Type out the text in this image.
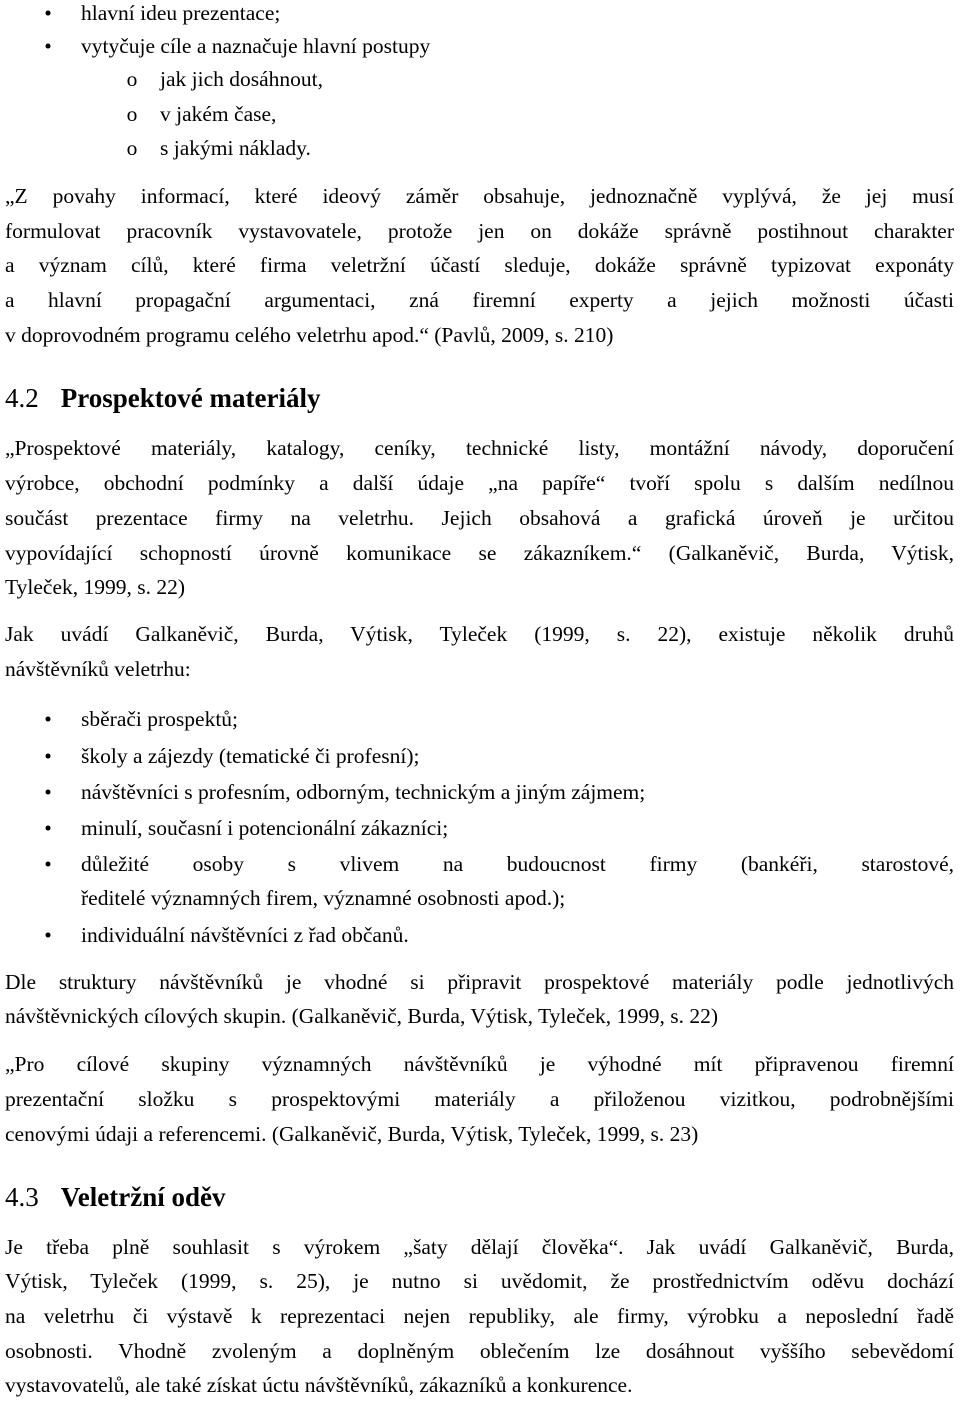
• hlavní ideu prezentace;
• vytyčuje cíle a naznačuje hlavní postupy
o jak jich dosáhnout,
o v jakém čase,
o s jakými náklady.
„Z povahy informací, které ideový záměr obsahuje, jednoznačně vyplývá, že jej musí
formulovat pracovník vystavovatele, protože jen on dokáže správně postihnout charakter
a význam cílů, které firma veletržní účastí sleduje, dokáže správně typizovat exponáty
a hlavní propagační argumentaci, zná firemní experty a jejich možnosti účasti
v doprovodném programu celého veletrhu apod.“ (Pavlů, 2009, s. 210)
4.2 Prospektové materiály
„Prospektové materiály, katalogy, ceníky, technické listy, montážní návody, doporučení
výrobce, obchodní podmínky a další údaje „na papíře“ tvoří spolu s dalším nedílnou
součást prezentace firmy na veletrhu. Jejich obsahová a grafická úroveň je určitou
vypovídající schopností úrovně komunikace se zákazníkem.“ (Galkaněvič, Burda, Výtisk,
Tyleček, 1999, s. 22)
Jak uvádí Galkaněvič, Burda, Výtisk, Tyleček (1999, s. 22), existuje několik druhů
návštěvníků veletrhu:
• sběrači prospektů;
• školy a zájezdy (tematické či profesní);
• návštěvníci s profesním, odborným, technickým a jiným zájmem;
• minulí, současní i potencionální zákazníci;
• důležité osoby s vlivem na budoucnost firmy (bankéři, starostové,
ředitelé významných firem, významné osobnosti apod.);
• individuální návštěvníci z řad občanů.
Dle struktury návštěvníků je vhodné si připravit prospektové materiály podle jednotlivých
návštěvnických cílových skupin. (Galkaněvič, Burda, Výtisk, Tyleček, 1999, s. 22)
„Pro cílové skupiny významných návštěvníků je výhodné mít připravenou firemní
prezentační složku s prospektovými materiály a přiloženou vizitkou, podrobnějšími
cenovými údaji a referencemi. (Galkaněvič, Burda, Výtisk, Tyleček, 1999, s. 23)
4.3 Veletržní oděv
Je třeba plně souhlasit s výrokem „šaty dělají člověka“. Jak uvádí Galkaněvič, Burda,
Výtisk, Tyleček (1999, s. 25), je nutno si uvědomit, že prostřednictvím oděvu dochází
na veletrhu či výstavě k reprezentaci nejen republiky, ale firmy, výrobku a neposlední řadě
osobnosti. Vhodně zvoleným a doplněným oblečením lze dosáhnout vyššího sebevědomí
vystavovatelů, ale také získat úctu návštěvníků, zákazníků a konkurence.
